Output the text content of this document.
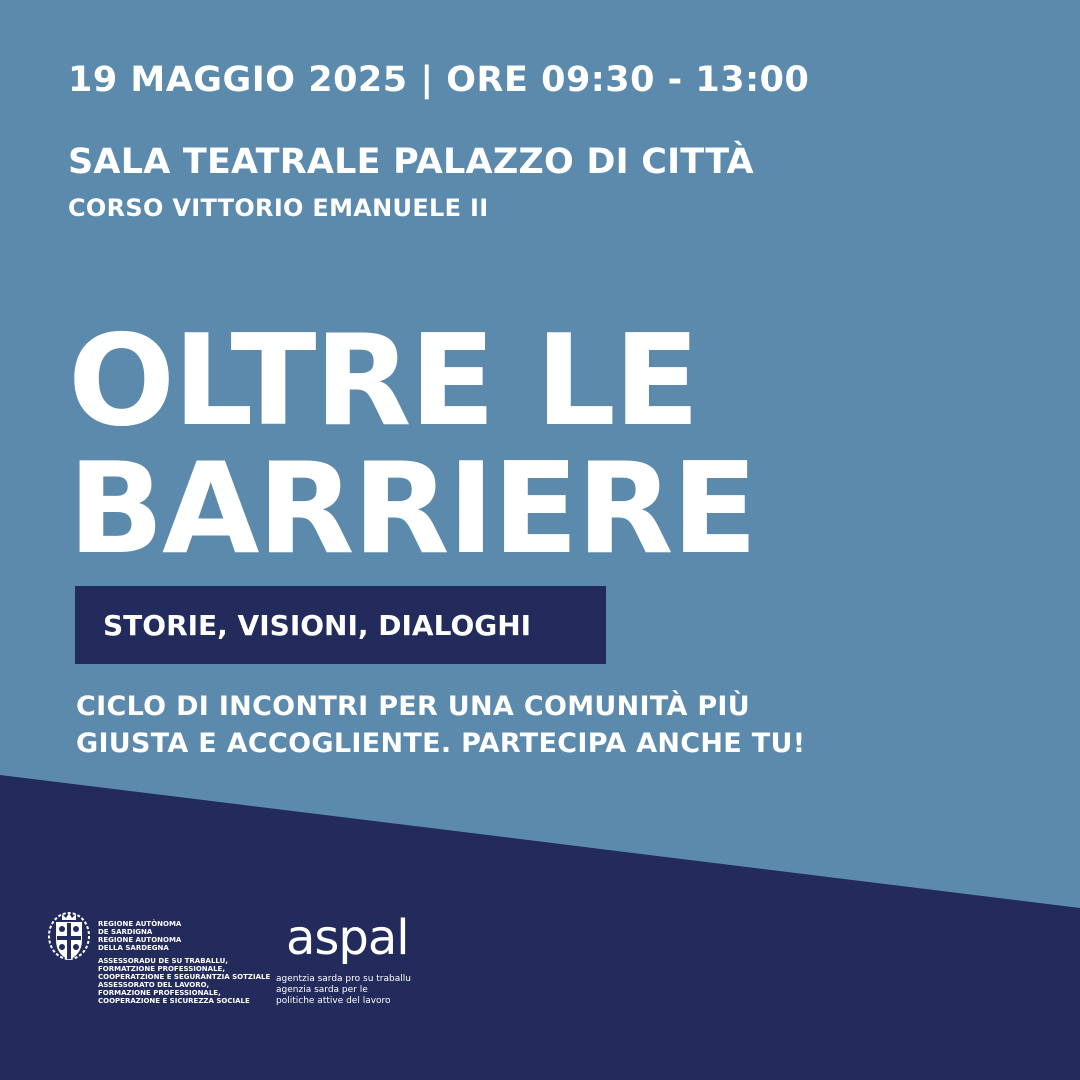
19 MAGGIO 2025 | ORE 09:30 - 13:00
SALA TEATRALE PALAZZO DI CITTÀ
CORSO VITTORIO EMANUELE II
OLTRE LE
BARRIERE
STORIE, VISIONI, DIALOGHI
CICLO DI INCONTRI PER UNA COMUNITÀ PIÙ
GIUSTA E ACCOGLIENTE. PARTECIPA ANCHE TU!
REGIONE AUTÒNOMA
DE SARDIGNA
REGIONE AUTONOMA
DELLA SARDEGNA
ASSESSORADU DE SU TRABALLU,
FORMATZIONE PROFESSIONALE,
COOPERATZIONE E SEGURÀNTZIA SOTZIALE
ASSESSORATO DEL LAVORO,
FORMAZIONE PROFESSIONALE,
COOPERAZIONE E SICUREZZA SOCIALE
aspal
agentzia sarda pro su traballu
agenzia sarda per le
politiche attive del lavoro
